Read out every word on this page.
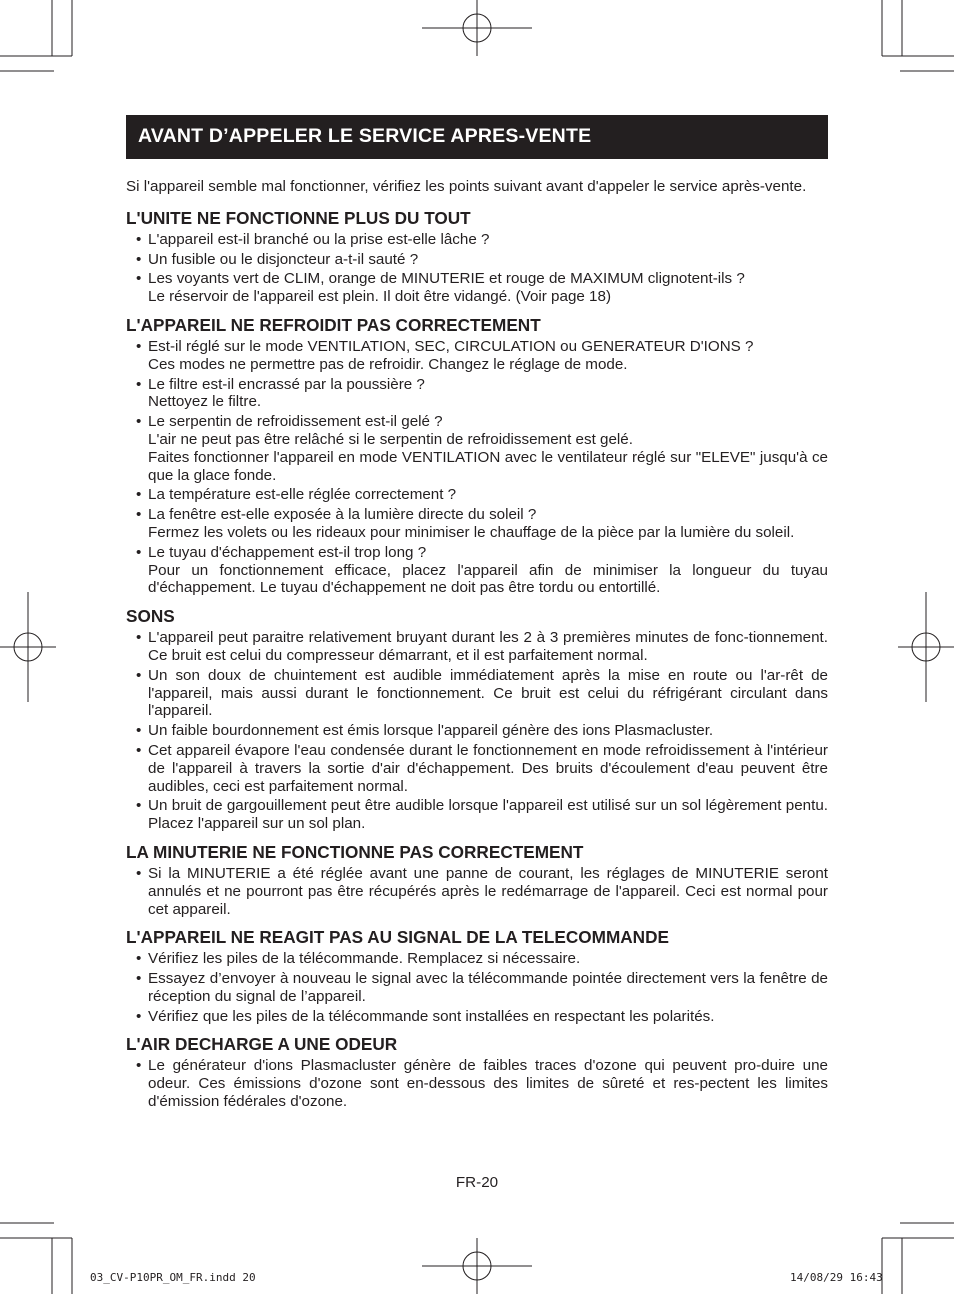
AVANT D’APPELER LE SERVICE APRES-VENTE

Si l'appareil semble mal fonctionner, vérifiez les points suivant avant d'appeler le service après-vente.

L'UNITE NE FONCTIONNE PLUS DU TOUT
• L'appareil est-il branché ou la prise est-elle lâche ?

• Un fusible ou le disjoncteur a-t-il sauté ?

• Les voyants vert de CLIM, orange de MINUTERIE et rouge de MAXIMUM clignotent-ils ?

Le réservoir de l'appareil est plein. Il doit être vidangé. (Voir page 18)

L'APPAREIL NE REFROIDIT PAS CORRECTEMENT
• Est-il réglé sur le mode VENTILATION, SEC, CIRCULATION ou GENERATEUR D'IONS ?

Ces modes ne permettre pas de refroidir. Changez le réglage de mode.

• Le filtre est-il encrassé par la poussière ?

Nettoyez le filtre.

• Le serpentin de refroidissement est-il gelé ?

L'air ne peut pas être relâché si le serpentin de refroidissement est gelé.

Faites fonctionner l'appareil en mode VENTILATION avec le ventilateur réglé sur "ELEVE" jusqu'à ce que la glace fonde.

• La température est-elle réglée correctement ?

• La fenêtre est-elle exposée à la lumière directe du soleil ?

Fermez les volets ou les rideaux pour minimiser le chauffage de la pièce par la lumière du soleil.

• Le tuyau d'échappement est-il trop long ?

Pour un fonctionnement efficace, placez l'appareil afin de minimiser la longueur du tuyau d'échappement. Le tuyau d'échappement ne doit pas être tordu ou entortillé.

SONS
• L'appareil peut paraitre relativement bruyant durant les 2 à 3 premières minutes de fonc-tionnement. Ce bruit est celui du compresseur démarrant, et il est parfaitement normal.

• Un son doux de chuintement est audible immédiatement après la mise en route ou l'ar-rêt de l'appareil, mais aussi durant le fonctionnement. Ce bruit est celui du réfrigérant circulant dans l'appareil.

• Un faible bourdonnement est émis lorsque l'appareil génère des ions Plasmacluster.

• Cet appareil évapore l'eau condensée durant le fonctionnement en mode refroidissement à l'intérieur de l'appareil à travers la sortie d'air d'échappement. Des bruits d'écoulement d'eau peuvent être audibles, ceci est parfaitement normal.

• Un bruit de gargouillement peut être audible lorsque l'appareil est utilisé sur un sol légèrement pentu. Placez l'appareil sur un sol plan.

LA MINUTERIE NE FONCTIONNE PAS CORRECTEMENT
• Si la MINUTERIE a été réglée avant une panne de courant, les réglages de MINUTERIE seront annulés et ne pourront pas être récupérés après le redémarrage de l'appareil. Ceci est normal pour cet appareil.

L'APPAREIL NE REAGIT PAS AU SIGNAL DE LA TELECOMMANDE
• Vérifiez les piles de la télécommande. Remplacez si nécessaire.

• Essayez d’envoyer à nouveau le signal avec la télécommande pointée directement vers la fenêtre de réception du signal de l’appareil.

• Vérifiez que les piles de la télécommande sont installées en respectant les polarités.

L'AIR DECHARGE A UNE ODEUR
• Le générateur d'ions Plasmacluster génère de faibles traces d'ozone qui peuvent pro-duire une odeur. Ces émissions d'ozone sont en-dessous des limites de sûreté et res-pectent les limites d'émission fédérales d'ozone.

FR-20
03_CV-P10PR_OM_FR.indd 20	14/08/29 16:43
